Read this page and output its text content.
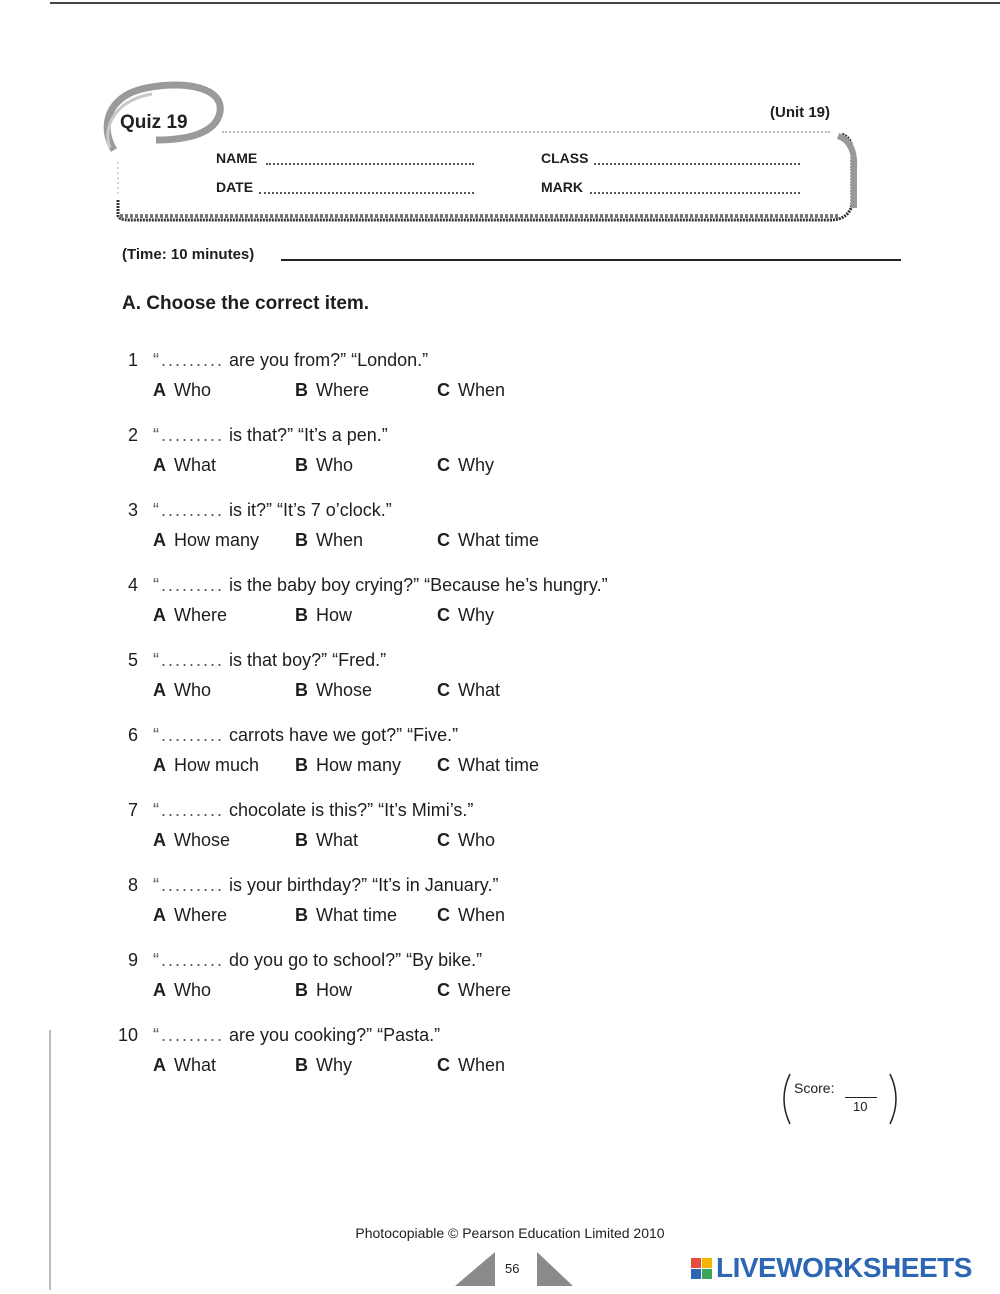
Quiz 19	(Unit 19)
NAME	CLASS
DATE	MARK
(Time: 10 minutes)
A. Choose the correct item.
1 “......... are you from?” “London.”
A Who	B Where	C When
2 “......... is that?” “It’s a pen.”
A What	B Who	C Why
3 “......... is it?” “It’s 7 o’clock.”
A How many B When	C What time
4 “......... is the baby boy crying?” “Because he’s hungry.”
A Where	B How	C Why
5 “......... is that boy?” “Fred.”
A Who	B Whose	C What
6 “......... carrots have we got?” “Five.”
A How much B How many C What time
7 “......... chocolate is this?” “It’s Mimi’s.”
A Whose	B What	C Who
8 “......... is your birthday?” “It’s in January.”
A Where	B What time C When
9 “......... do you go to school?” “By bike.”
A Who	B How	C Where
10 “......... are you cooking?” “Pasta.”
A What	B Why	C When
Score:
10
Photocopiable © Pearson Education Limited 2010
56	LIVEWORKSHEETS
